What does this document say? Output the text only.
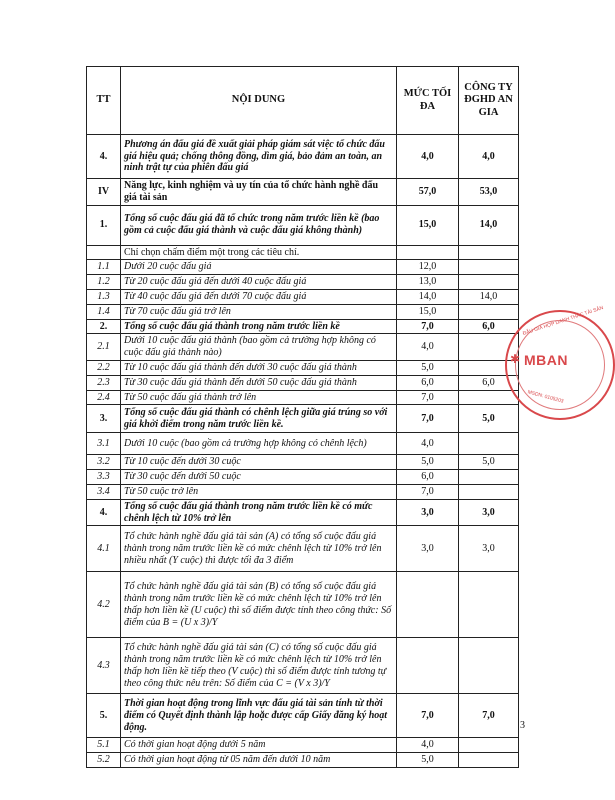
TT	NỘI DUNG	MỨC TỐI ĐA	CÔNG TY ĐGHD AN GIA
4.	Phương án đấu giá đề xuất giải pháp giám sát việc tổ chức đấu giá hiệu quả; chống thông đồng, dìm giá, bảo đảm an toàn, an ninh trật tự của phiên đấu giá	4,0	4,0
IV	Năng lực, kinh nghiệm và uy tín của tổ chức hành nghề đấu giá tài sản	57,0	53,0
1.	Tổng số cuộc đấu giá đã tổ chức trong năm trước liền kề (bao gồm cả cuộc đấu giá thành và cuộc đấu giá không thành)	15,0	14,0
	Chỉ chọn chấm điểm một trong các tiêu chí.		
1.1	Dưới 20 cuộc đấu giá	12,0	
1.2	Từ 20 cuộc đấu giá đến dưới 40 cuộc đấu giá	13,0	
1.3	Từ 40 cuộc đấu giá đến dưới 70 cuộc đấu giá	14,0	14,0
1.4	Từ 70 cuộc đấu giá trở lên	15,0	
2.	Tổng số cuộc đấu giá thành trong năm trước liền kề	7,0	6,0
2.1	Dưới 10 cuộc đấu giá thành (bao gồm cả trường hợp không có cuộc đấu giá thành nào)	4,0	
2.2	Từ 10 cuộc đấu giá thành đến dưới 30 cuộc đấu giá thành	5,0	
2.3	Từ 30 cuộc đấu giá thành đến dưới 50 cuộc đấu giá thành	6,0	6,0
2.4	Từ 50 cuộc đấu giá thành trở lên	7,0	
3.	Tổng số cuộc đấu giá thành có chênh lệch giữa giá trúng so với giá khởi điểm trong năm trước liền kề.	7,0	5,0
3.1	Dưới 10 cuộc (bao gồm cả trường hợp không có chênh lệch)	4,0	
3.2	Từ 10 cuộc đến dưới 30 cuộc	5,0	5,0
3.3	Từ 30 cuộc đến dưới 50 cuộc	6,0	
3.4	Từ 50 cuộc trở lên	7,0	
4.	Tổng số cuộc đấu giá thành trong năm trước liền kề có mức chênh lệch từ 10% trở lên	3,0	3,0
4.1	Tổ chức hành nghề đấu giá tài sản (A) có tổng số cuộc đấu giá thành trong năm trước liền kề có mức chênh lệch từ 10% trở lên nhiều nhất (Y cuộc) thì được tối đa 3 điểm	3,0	3,0
4.2	Tổ chức hành nghề đấu giá tài sản (B) có tổng số cuộc đấu giá thành trong năm trước liền kề có mức chênh lệch từ 10% trở lên thấp hơn liền kề (U cuộc) thì số điểm được tính theo công thức: Số điểm của B = (U x 3)/Y		
4.3	Tổ chức hành nghề đấu giá tài sản (C) có tổng số cuộc đấu giá thành trong năm trước liền kề có mức chênh lệch từ 10% trở lên thấp hơn liền kề tiếp theo (V cuộc) thì số điểm được tính tương tự theo công thức nêu trên: Số điểm của C = (V x 3)/Y		
5.	Thời gian hoạt động trong lĩnh vực đấu giá tài sản tính từ thời điểm có Quyết định thành lập hoặc được cấp Giấy đăng ký hoạt động.	7,0	7,0
5.1	Có thời gian hoạt động dưới 5 năm	4,0	
5.2	Có thời gian hoạt động từ 05 năm đến dưới 10 năm	5,0	
3
ĐẤU GIÁ HỢP DANH THÁC TÀI SẢN
✱ MBAN
MSDN: 0105203
